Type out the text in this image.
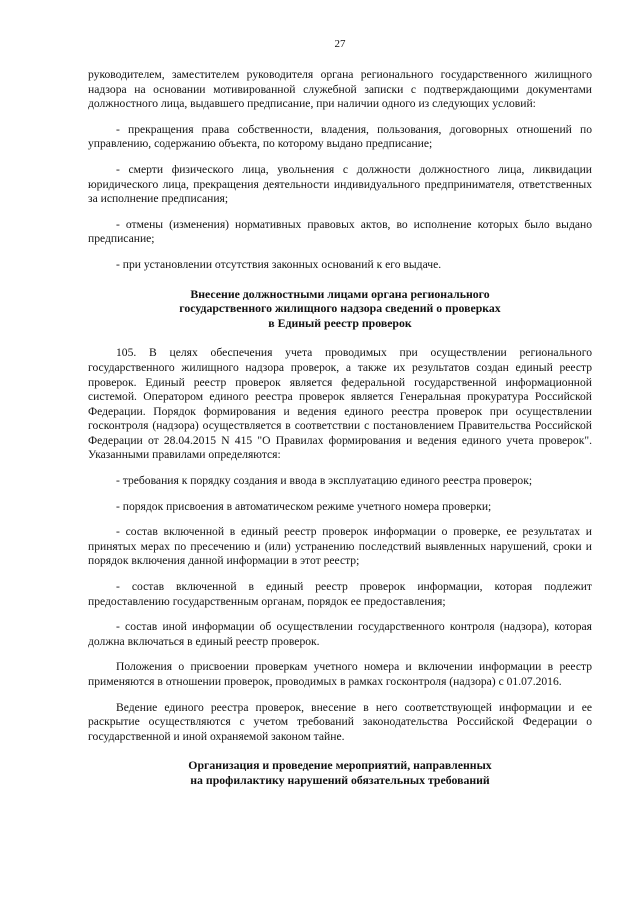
27

руководителем, заместителем руководителя органа регионального государственного жилищного надзора на основании мотивированной служебной записки с подтверждающими документами должностного лица, выдавшего предписание, при наличии одного из следующих условий:

- прекращения права собственности, владения, пользования, договорных отношений по управлению, содержанию объекта, по которому выдано предписание;

- смерти физического лица, увольнения с должности должностного лица, ликвидации юридического лица, прекращения деятельности индивидуального предпринимателя, ответственных за исполнение предписания;

- отмены (изменения) нормативных правовых актов, во исполнение которых было выдано предписание;

- при установлении отсутствия законных оснований к его выдаче.

Внесение должностными лицами органа регионального
государственного жилищного надзора сведений о проверках
в Единый реестр проверок

105. В целях обеспечения учета проводимых при осуществлении регионального государственного жилищного надзора проверок, а также их результатов создан единый реестр проверок. Единый реестр проверок является федеральной государственной информационной системой. Оператором единого реестра проверок является Генеральная прокуратура Российской Федерации. Порядок формирования и ведения единого реестра проверок при осуществлении госконтроля (надзора) осуществляется в соответствии с постановлением Правительства Российской Федерации от 28.04.2015 N 415 "О Правилах формирования и ведения единого учета проверок". Указанными правилами определяются:

- требования к порядку создания и ввода в эксплуатацию единого реестра проверок;

- порядок присвоения в автоматическом режиме учетного номера проверки;

- состав включенной в единый реестр проверок информации о проверке, ее результатах и принятых мерах по пресечению и (или) устранению последствий выявленных нарушений, сроки и порядок включения данной информации в этот реестр;

- состав включенной в единый реестр проверок информации, которая подлежит предоставлению государственным органам, порядок ее предоставления;

- состав иной информации об осуществлении государственного контроля (надзора), которая должна включаться в единый реестр проверок.

Положения о присвоении проверкам учетного номера и включении информации в реестр применяются в отношении проверок, проводимых в рамках госконтроля (надзора) с 01.07.2016.

Ведение единого реестра проверок, внесение в него соответствующей информации и ее раскрытие осуществляются с учетом требований законодательства Российской Федерации о государственной и иной охраняемой законом тайне.

Организация и проведение мероприятий, направленных
на профилактику нарушений обязательных требований
